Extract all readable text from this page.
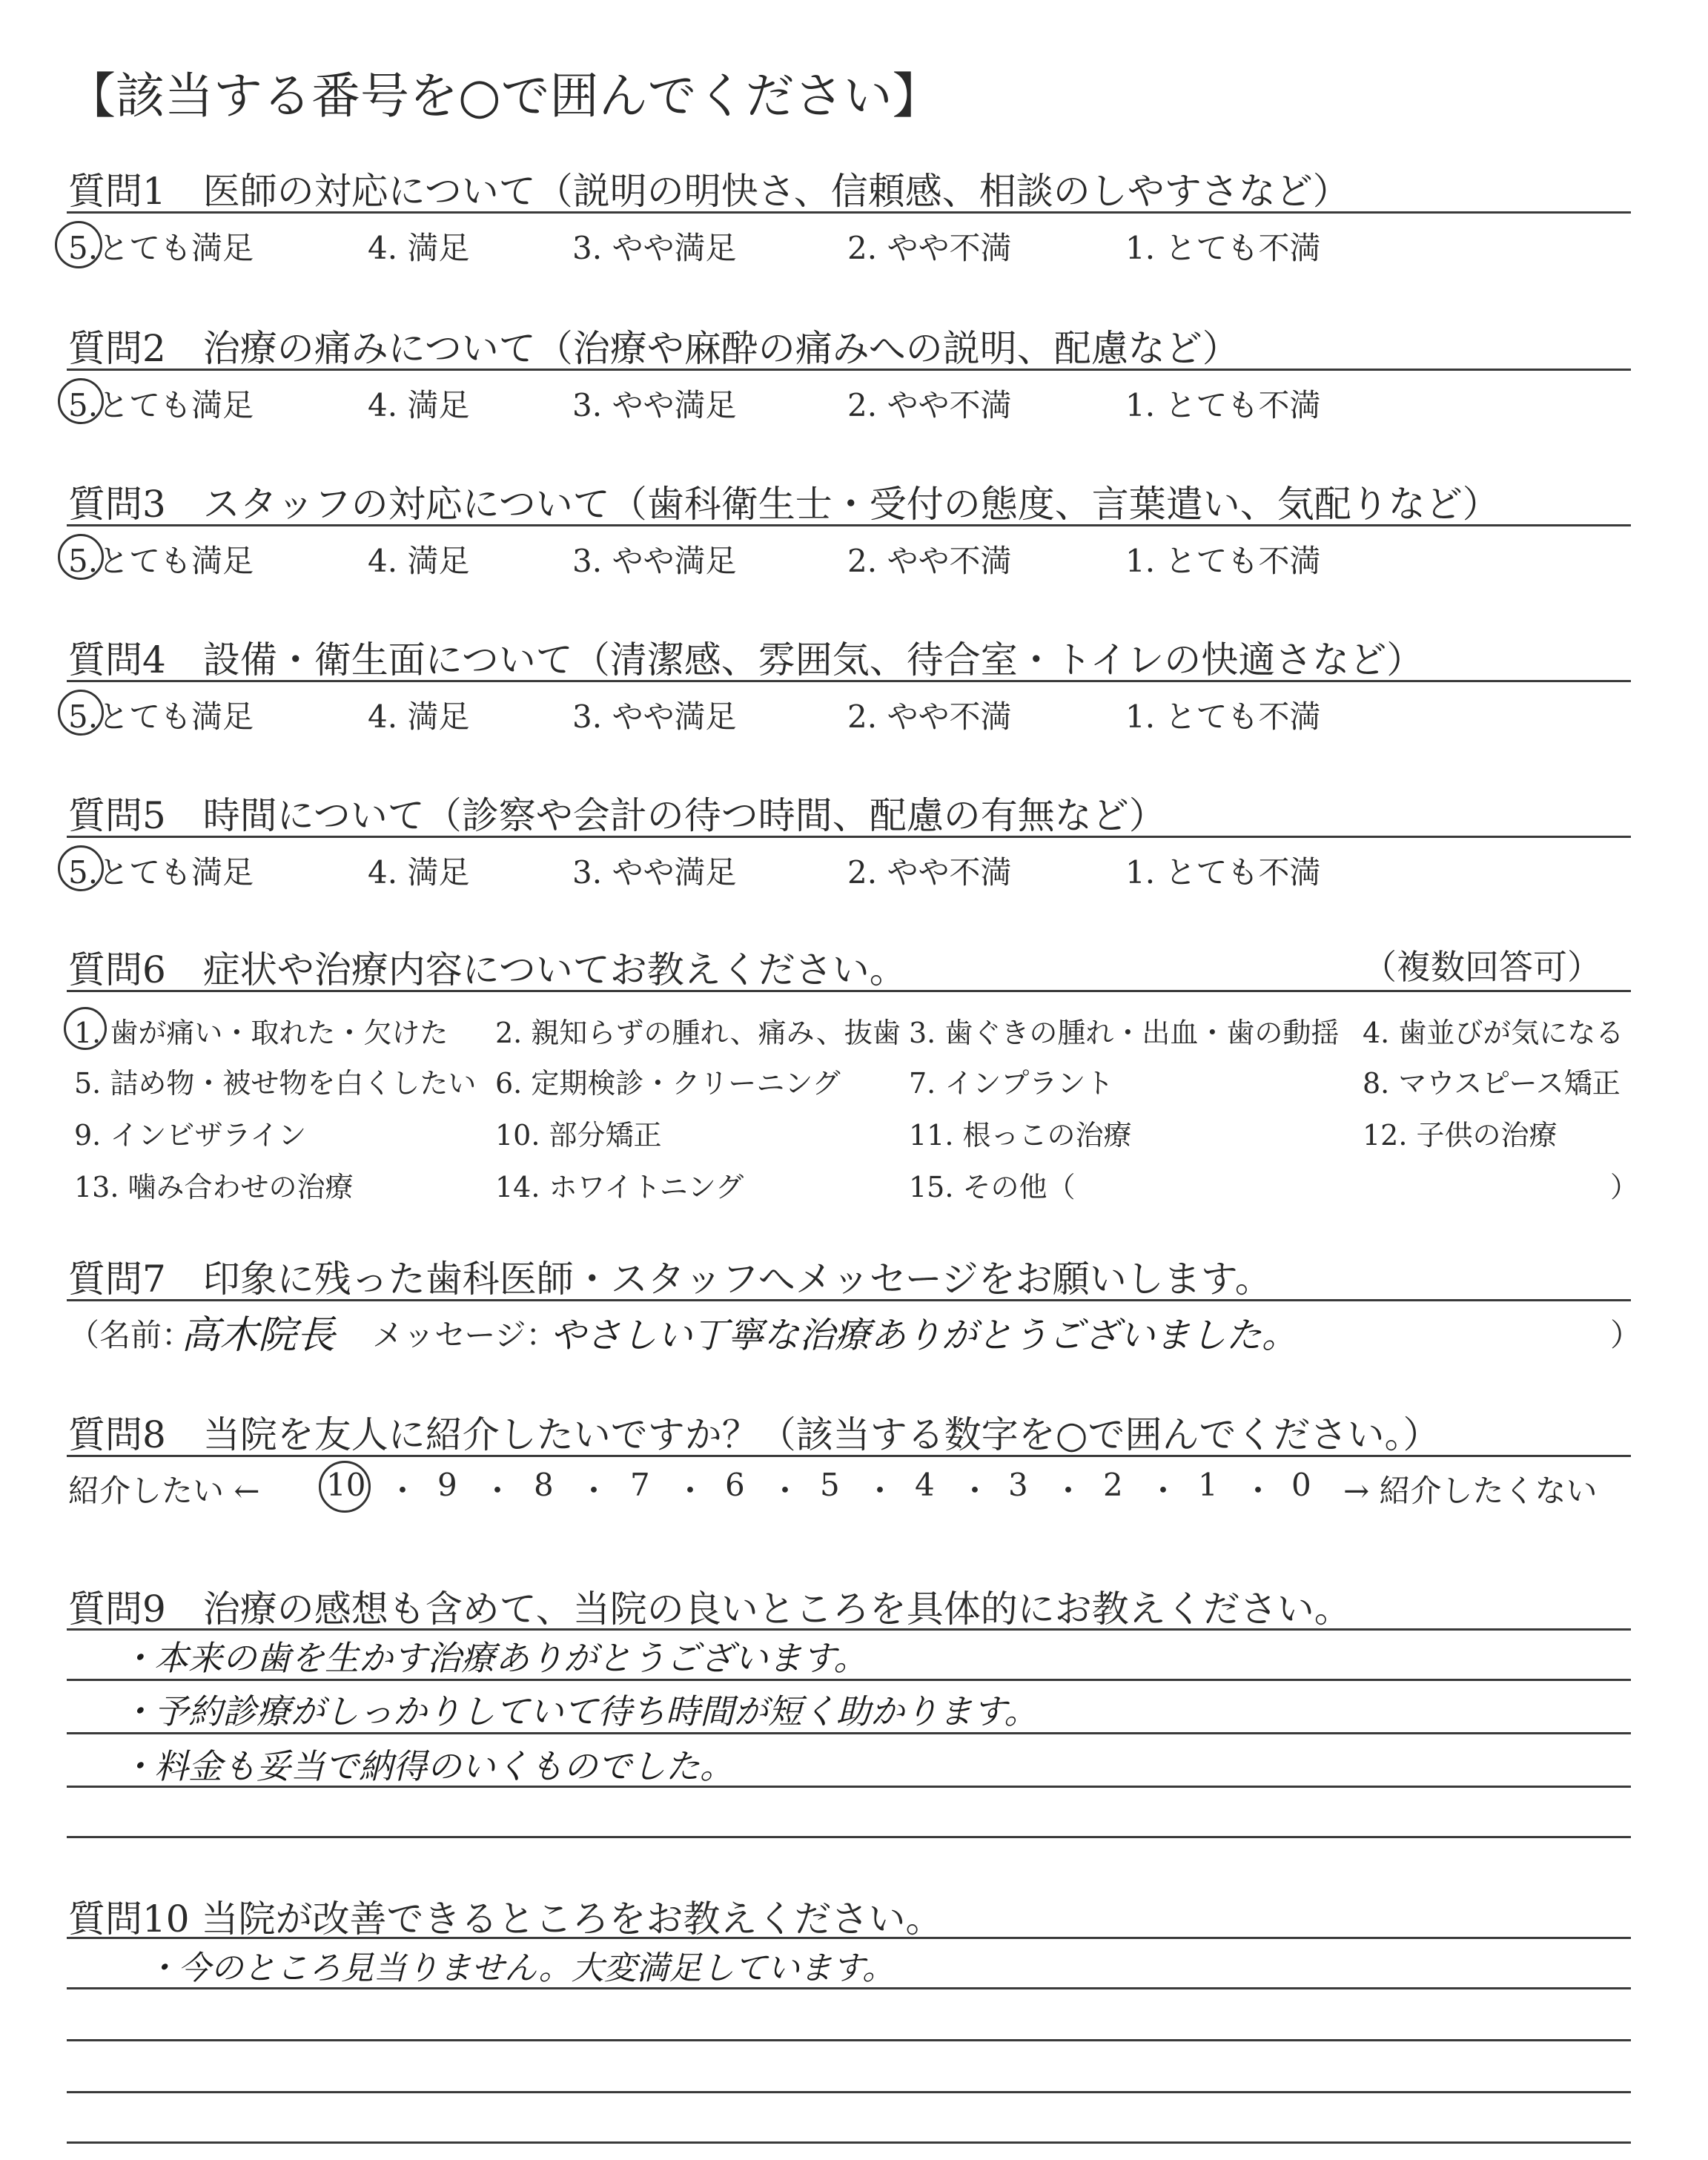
【該当する番号を○で囲んでください】
質問1　医師の対応について（説明の明快さ、信頼感、相談のしやすさなど）
5.とても満足	4. 満足	3. やや満足	2. やや不満	1. とても不満
質問2　治療の痛みについて（治療や麻酔の痛みへの説明、配慮など）
5.とても満足	4. 満足	3. やや満足	2. やや不満	1. とても不満
質問3　スタッフの対応について（歯科衛生士・受付の態度、言葉遣い、気配りなど）
5.とても満足	4. 満足	3. やや満足	2. やや不満	1. とても不満
質問4　設備・衛生面について（清潔感、雰囲気、待合室・トイレの快適さなど）
5.とても満足	4. 満足	3. やや満足	2. やや不満	1. とても不満
質問5　時間について（診察や会計の待つ時間、配慮の有無など）
5.とても満足	4. 満足	3. やや満足	2. やや不満	1. とても不満
質問6　症状や治療内容についてお教えください。	（複数回答可）
1. 歯が痛い・取れた・欠けた 2. 親知らずの腫れ、痛み、抜歯 3. 歯ぐきの腫れ・出血・歯の動揺 4. 歯並びが気になる
5. 詰め物・被せ物を白くしたい 6. 定期検診・クリーニング 7. インプラント	8. マウスピース矯正
9. インビザライン	10. 部分矯正	11. 根っこの治療	12. 子供の治療
13. 噛み合わせの治療	14. ホワイトニング	15. その他（	）
質問7　印象に残った歯科医師・スタッフへメッセージをお願いします。
（名前：
高木院長 メッセージ：
やさしい丁寧な治療ありがとうございました。	）
質問8　当院を友人に紹介したいですか？（該当する数字を○で囲んでください。）
紹介したい ← 10 ・ 9 ・ 8 ・ 7 ・ 6 ・ 5 ・ 4 ・ 3 ・ 2 ・ 1 ・ 0 → 紹介したくない
質問9　治療の感想も含めて、当院の良いところを具体的にお教えください。
・本来の歯を生かす治療ありがとうございます。
・予約診療がしっかりしていて待ち時間が短く助かります。
・料金も妥当で納得のいくものでした。
質問10 当院が改善できるところをお教えください。
・今のところ見当りません。大変満足しています。
